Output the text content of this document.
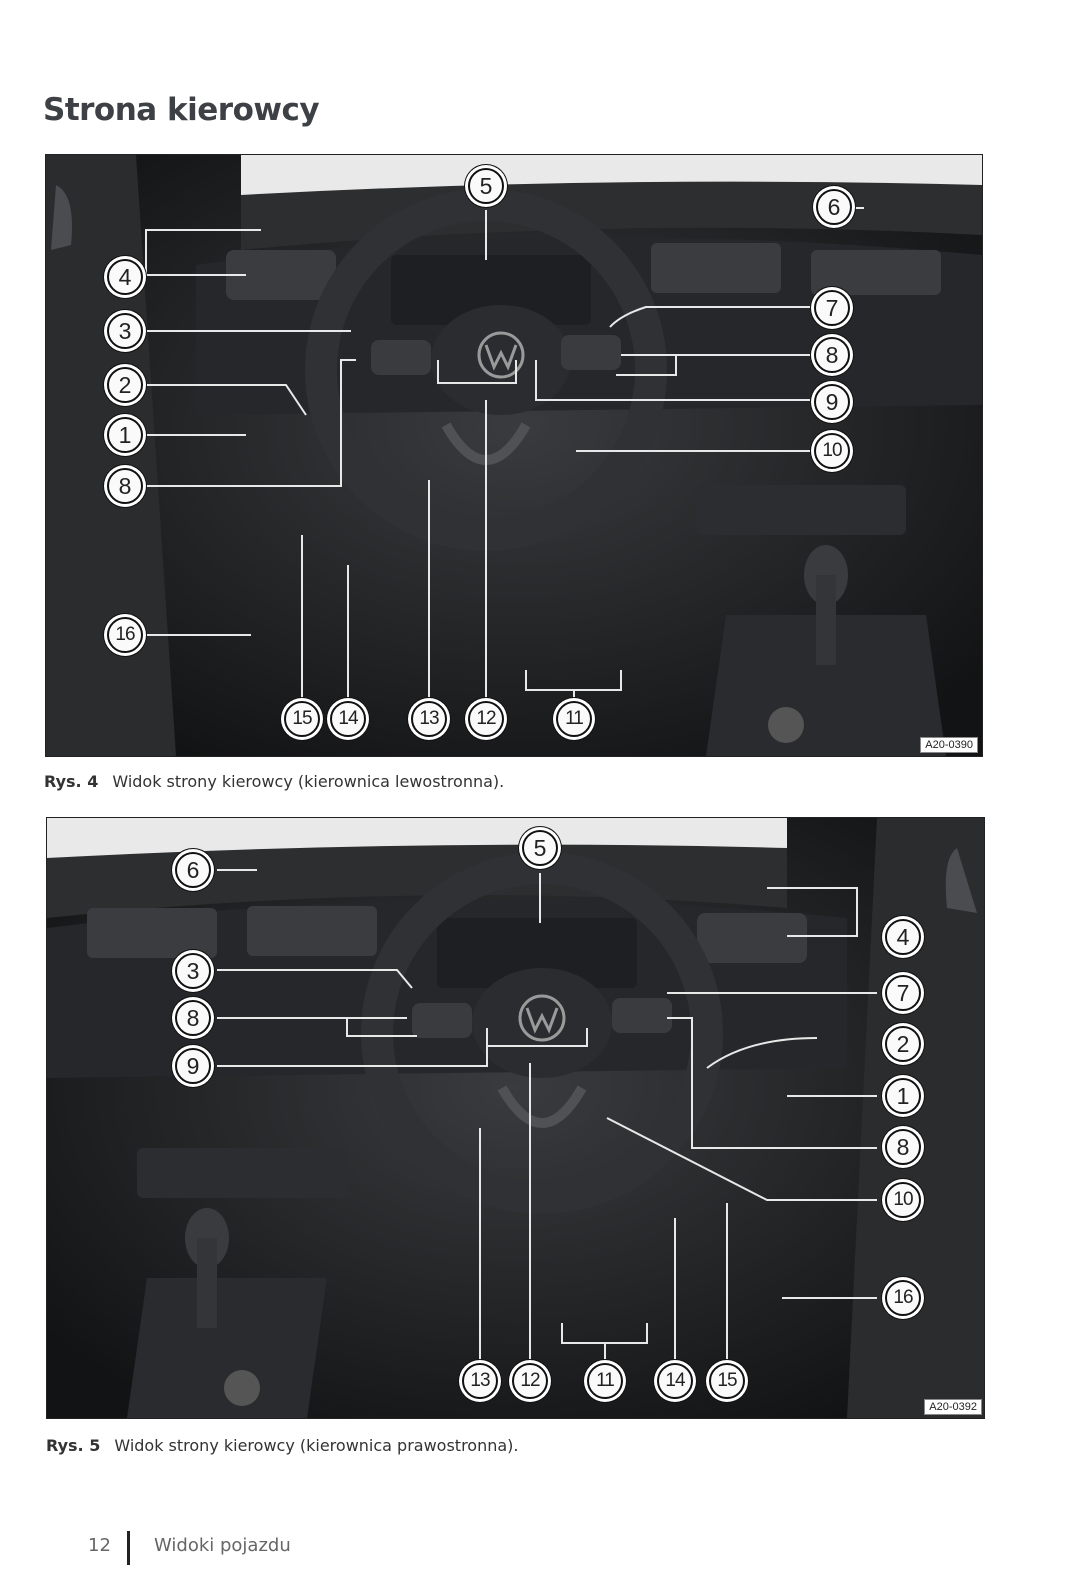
Strona kierowcy
5
6
4
3
7
8
2
9
1
10
8
16
15	14	13	12	11
A20-0390
Rys. 4 Widok strony kierowcy (kierownica lewostronna).
5
6
4
3
7
8
2
9
1
8
10
16
13	12	11	14	15
A20-0392
Rys. 5 Widok strony kierowcy (kierownica prawostronna).
12 Widoki pojazdu
